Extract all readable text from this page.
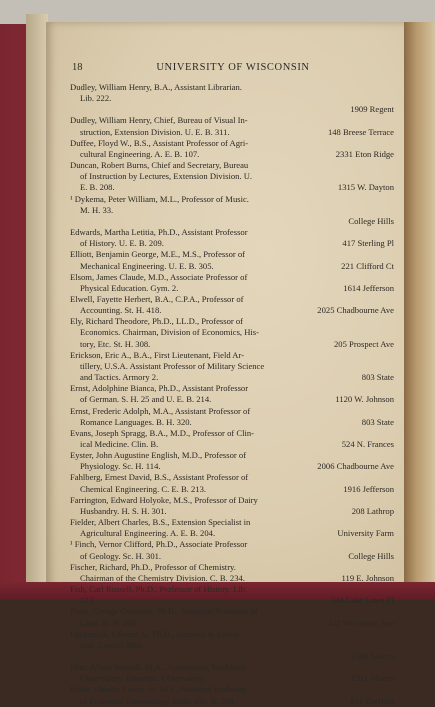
18	UNIVERSITY OF WISCONSIN
Dudley, William Henry, B.A., Assistant Librarian.
Lib. 222.
1909 Regent
Dudley, William Henry, Chief, Bureau of Visual In-
struction, Extension Division. U. E. B. 311.	148 Breese Terrace
Duffee, Floyd W., B.S., Assistant Professor of Agri-
cultural Engineering. A. E. B. 107.	2331 Eton Ridge
Duncan, Robert Burns, Chief and Secretary, Bureau
of Instruction by Lectures, Extension Division. U.
E. B. 208.	1315 W. Dayton
¹ Dykema, Peter William, M.L., Professor of Music.
M. H. 33.
College Hills
Edwards, Martha Letitia, Ph.D., Assistant Professor
of History. U. E. B. 209.	417 Sterling Pl
Elliott, Benjamin George, M.E., M.S., Professor of
Mechanical Engineering. U. E. B. 305.	221 Clifford Ct
Elsom, James Claude, M.D., Associate Professor of
Physical Education. Gym. 2.	1614 Jefferson
Elwell, Fayette Herbert, B.A., C.P.A., Professor of
Accounting. St. H. 418.	2025 Chadbourne Ave
Ely, Richard Theodore, Ph.D., LL.D., Professor of
Economics. Chairman, Division of Economics, His-
tory, Etc. St. H. 308.	205 Prospect Ave
Erickson, Eric A., B.A., First Lieutenant, Field Ar-
tillery, U.S.A. Assistant Professor of Military Science
and Tactics. Armory 2.	803 State
Ernst, Adolphine Bianca, Ph.D., Assistant Professor
of German. S. H. 25 and U. E. B. 214.	1120 W. Johnson
Ernst, Frederic Adolph, M.A., Assistant Professor of
Romance Languages. B. H. 320.	803 State
Evans, Joseph Spragg, B.A., M.D., Professor of Clin-
ical Medicine. Clin. B.	524 N. Frances
Eyster, John Augustine English, M.D., Professor of
Physiology. Sc. H. 114.	2006 Chadbourne Ave
Fahlberg, Ernest David, B.S., Assistant Professor of
Chemical Engineering. C. E. B. 213.	1916 Jefferson
Farrington, Edward Holyoke, M.S., Professor of Dairy
Husbandry. H. S. H. 301.	208 Lathrop
Fielder, Albert Charles, B.S., Extension Specialist in
Agricultural Engineering. A. E. B. 204.	University Farm
¹ Finch, Vernor Clifford, Ph.D., Associate Professor
of Geology. Sc. H. 301.	College Hills
Fischer, Richard, Ph.D., Professor of Chemistry.
Chairman of the Chemistry Division. C. B. 234.	119 E. Johnson
Fish, Carl Russell, Ph.D., Professor of History. Lib.
123.	244 Lake Lawn Pl
Fiske, George Converse, Ph.D., Associate Professor of
Latin. B. H. 265.	422 Wisconsin Ave
Fitzpatrick, Edward A., Ph.D., Lecturer in Educa-
tion. Capitol 406S.
1309 Morris
Flint, Albert Stowell, M.A., Astronomer, Washburn
Observatory. Emeritus. Observatory.	1311 Morris
Fluke, Charles Lewis, Jr., M.S., Assistant Professor
of Economic Entomology. Econ. Ent. B. 204.	811 Garfield
